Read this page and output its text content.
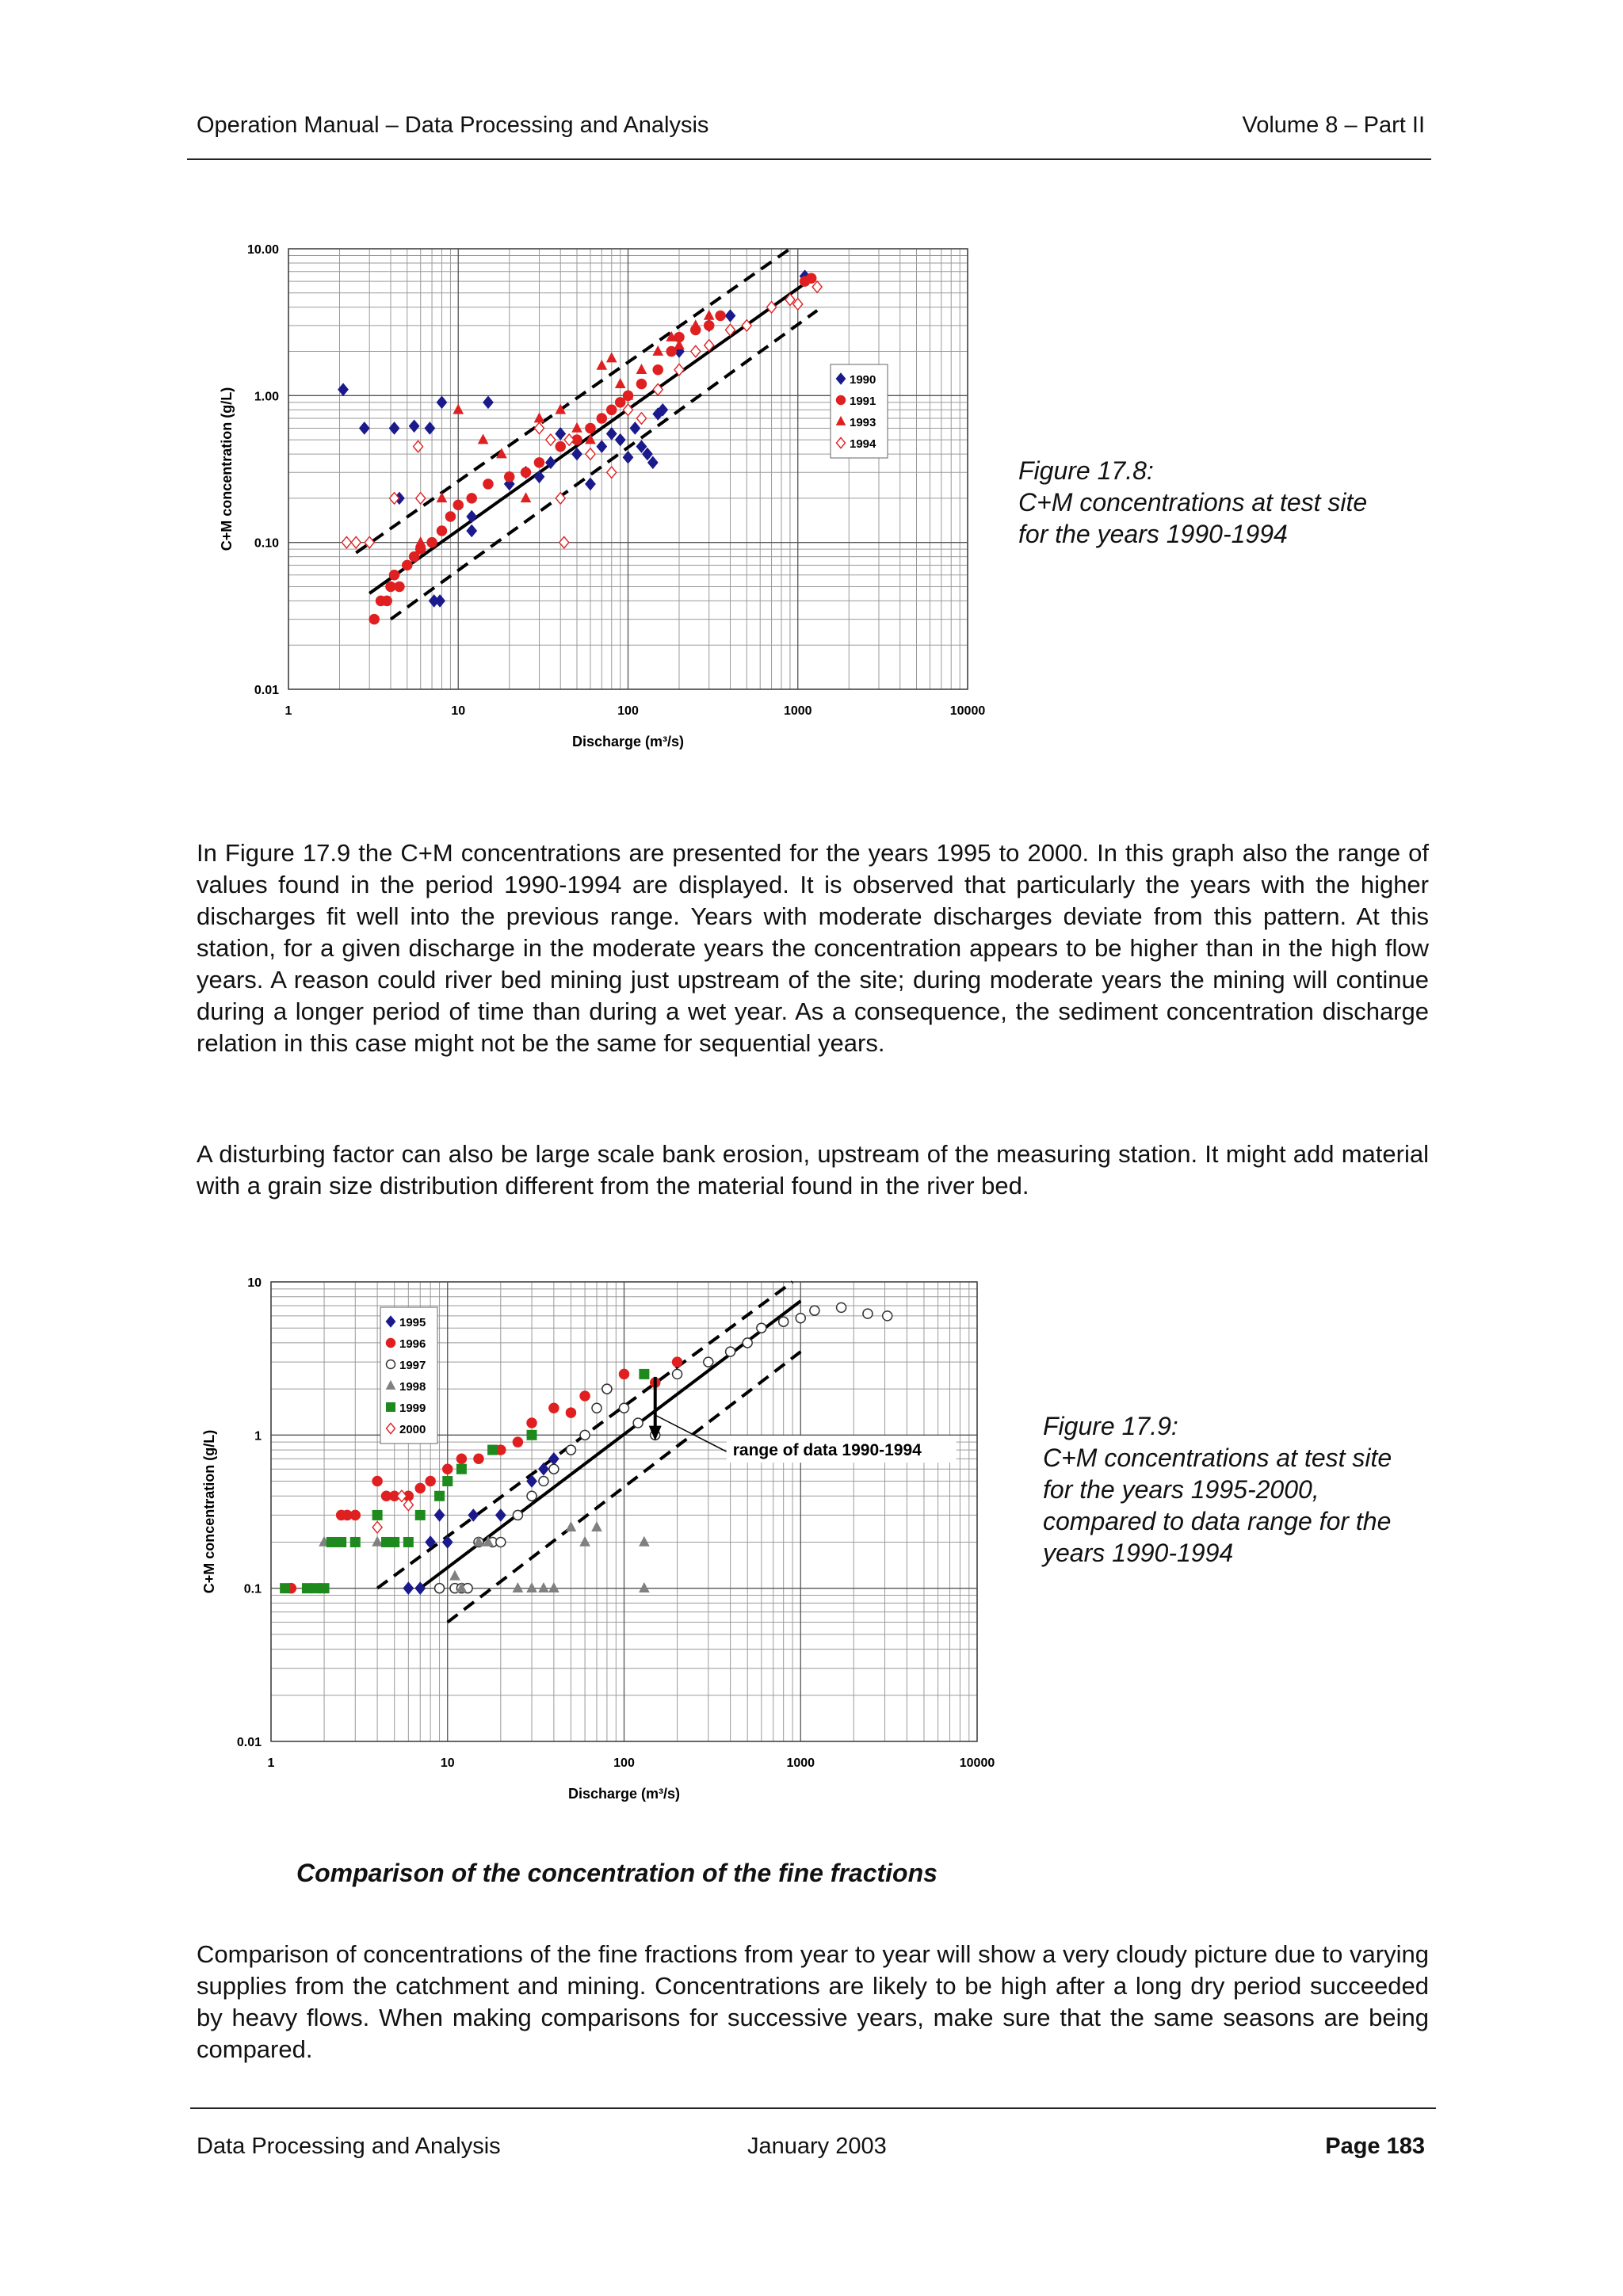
Operation Manual – Data Processing and Analysis	Volume 8 – Part II
1	10	100	1000	10000
0.01
0.10
1.00
10.00
Discharge (m³/s)
C+M concentration (g/L)
1990
1991
1993
1994
Figure 17.8:
C+M concentrations at test site
for the years 1990-1994

In Figure 17.9 the C+M concentrations are presented for the years 1995 to 2000. In this graph also the range of values found in the period 1990-1994 are displayed. It is observed that particularly the years with the higher discharges fit well into the previous range. Years with moderate discharges deviate from this pattern. At this station, for a given discharge in the moderate years the concentration appears to be higher than in the high flow years. A reason could river bed mining just upstream of the site; during moderate years the mining will continue during a longer period of time than during a wet year. As a consequence, the sediment concentration discharge relation in this case might not be the same for sequential years.

A disturbing factor can also be large scale bank erosion, upstream of the measuring station. It might add material with a grain size distribution different from the material found in the river bed.

1	10	100	1000	10000
0.01
0.1
1
10
Discharge (m³/s)
C+M concentration (g/L)
1995
1996
1997
1998
1999
2000
range of data 1990-1994
Figure 17.9:
C+M concentrations at test site
for the years 1995-2000,
compared to data range for the
years 1990-1994
Comparison of the concentration of the fine fractions

Comparison of concentrations of the fine fractions from year to year will show a very cloudy picture due to varying supplies from the catchment and mining. Concentrations are likely to be high after a long dry period succeeded by heavy flows. When making comparisons for successive years, make sure that the same seasons are being compared.

Data Processing and Analysis	January 2003	Page 183
